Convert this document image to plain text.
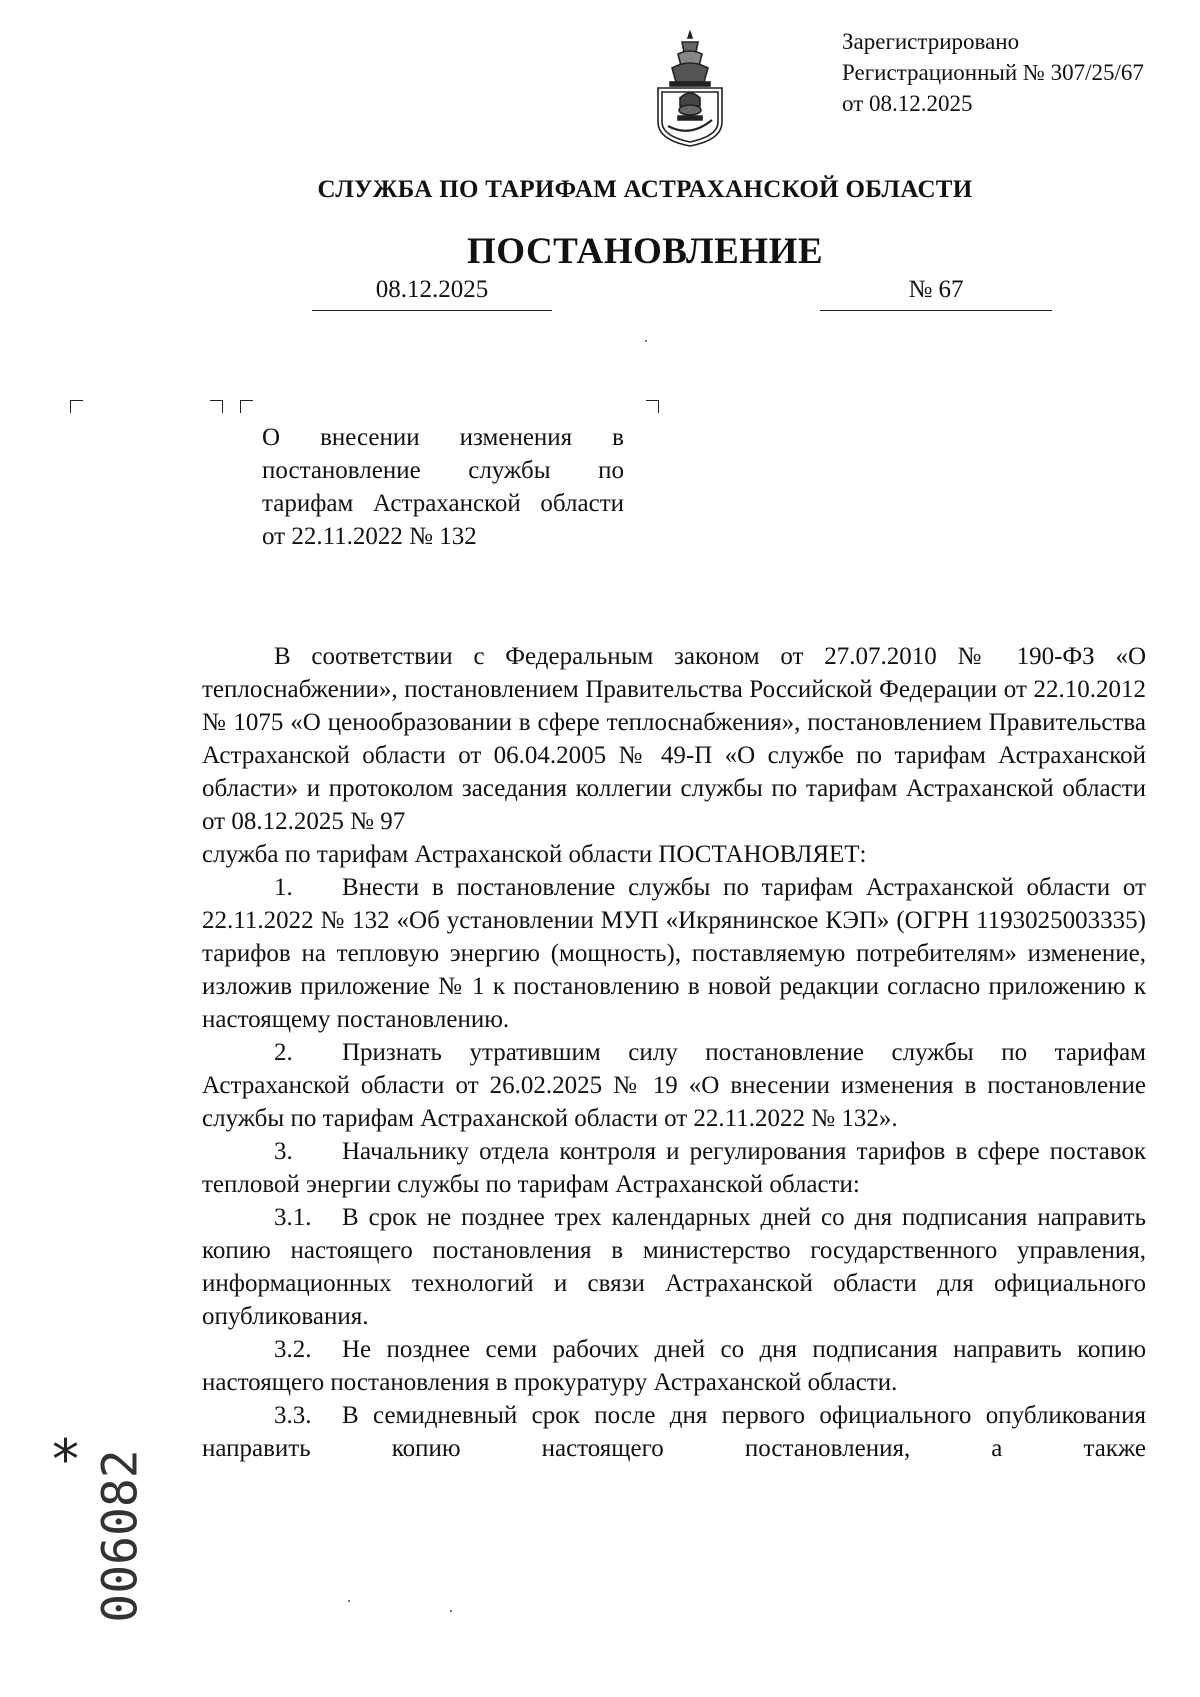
Зарегистрировано
Регистрационный № 307/25/67
от 08.12.2025
СЛУЖБА ПО ТАРИФАМ АСТРАХАНСКОЙ ОБЛАСТИ
ПОСТАНОВЛЕНИЕ
08.12.2025	№ 67
О внесении изменения в постановление службы по тарифам Астраханской области от 22.11.2022 № 132

В соответствии с Федеральным законом от 27.07.2010 № 190-ФЗ «О теплоснабжении», постановлением Правительства Российской Федерации от 22.10.2012 № 1075 «О ценообразовании в сфере теплоснабжения», постановлением Правительства Астраханской области от 06.04.2005 № 49-П «О службе по тарифам Астраханской области» и протоколом заседания коллегии службы по тарифам Астраханской области от 08.12.2025 № 97

служба по тарифам Астраханской области ПОСТАНОВЛЯЕТ:

1. Внести в постановление службы по тарифам Астраханской области от 22.11.2022 № 132 «Об установлении МУП «Икрянинское КЭП» (ОГРН 1193025003335) тарифов на тепловую энергию (мощность), поставляемую потребителям» изменение, изложив приложение № 1 к постановлению в новой редакции согласно приложению к настоящему постановлению.

2. Признать утратившим силу постановление службы по тарифам Астраханской области от 26.02.2025 № 19 «О внесении изменения в постановление службы по тарифам Астраханской области от 22.11.2022 № 132».

3. Начальнику отдела контроля и регулирования тарифов в сфере поставок тепловой энергии службы по тарифам Астраханской области:

3.1. В срок не позднее трех календарных дней со дня подписания направить копию настоящего постановления в министерство государственного управления, информационных технологий и связи Астраханской области для официального опубликования.

3.2. Не позднее семи рабочих дней со дня подписания направить копию настоящего постановления в прокуратуру Астраханской области.

3.3. В семидневный срок после дня первого официального опубликования направить копию настоящего постановления, а также

* 006082
